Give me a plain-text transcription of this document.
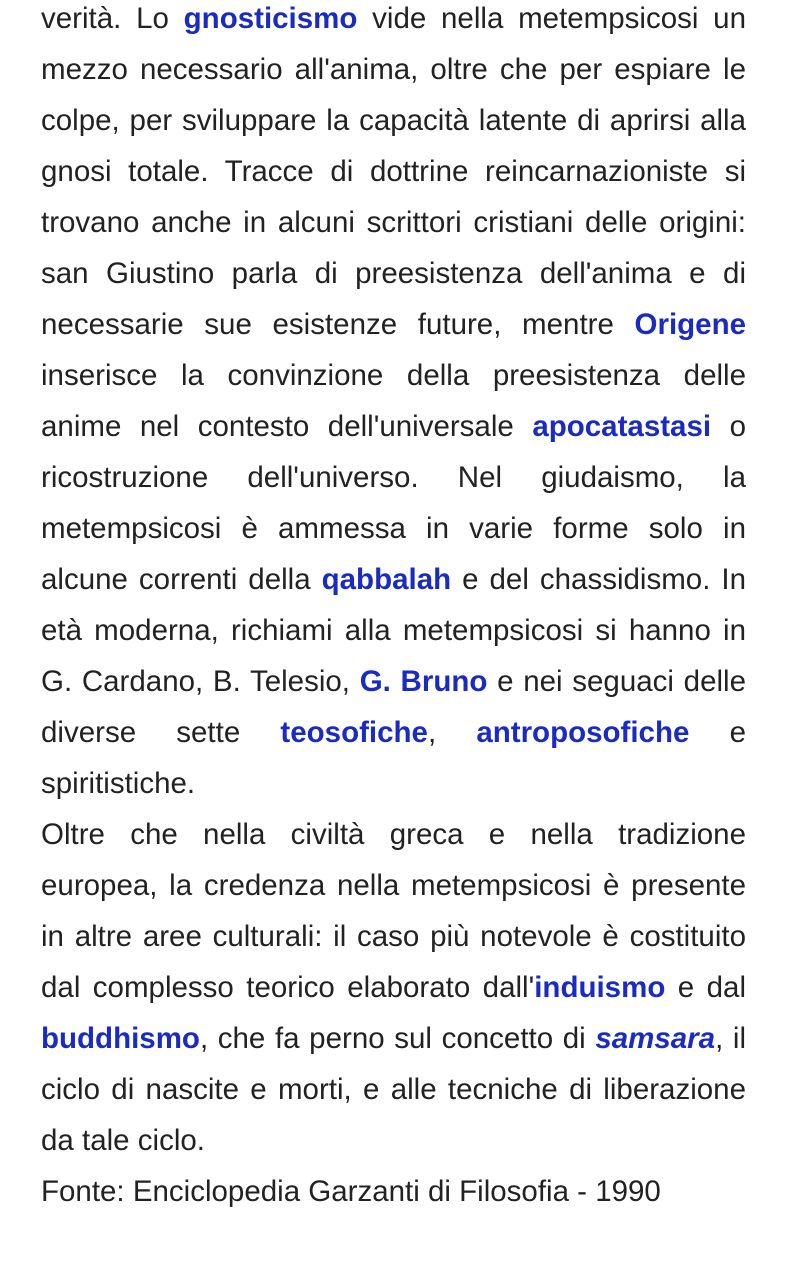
verità. Lo gnosticismo vide nella metempsicosi un mezzo necessario all'anima, oltre che per espiare le colpe, per sviluppare la capacità latente di aprirsi alla gnosi totale. Tracce di dottrine reincarnazioniste si trovano anche in alcuni scrittori cristiani delle origini: san Giustino parla di preesistenza dell'anima e di necessarie sue esistenze future, mentre Origene inserisce la convinzione della preesistenza delle anime nel contesto dell'universale apocatastasi o ricostruzione dell'universo. Nel giudaismo, la metempsicosi è ammessa in varie forme solo in alcune correnti della qabbalah e del chassidismo. In età moderna, richiami alla metempsicosi si hanno in G. Cardano, B. Telesio, G. Bruno e nei seguaci delle diverse sette teosofiche, antroposofiche e spiritistiche.

Oltre che nella civiltà greca e nella tradizione europea, la credenza nella metempsicosi è presente in altre aree culturali: il caso più notevole è costituito dal complesso teorico elaborato dall'induismo e dal buddhismo, che fa perno sul concetto di samsara, il ciclo di nascite e morti, e alle tecniche di liberazione da tale ciclo.

Fonte: Enciclopedia Garzanti di Filosofia - 1990
